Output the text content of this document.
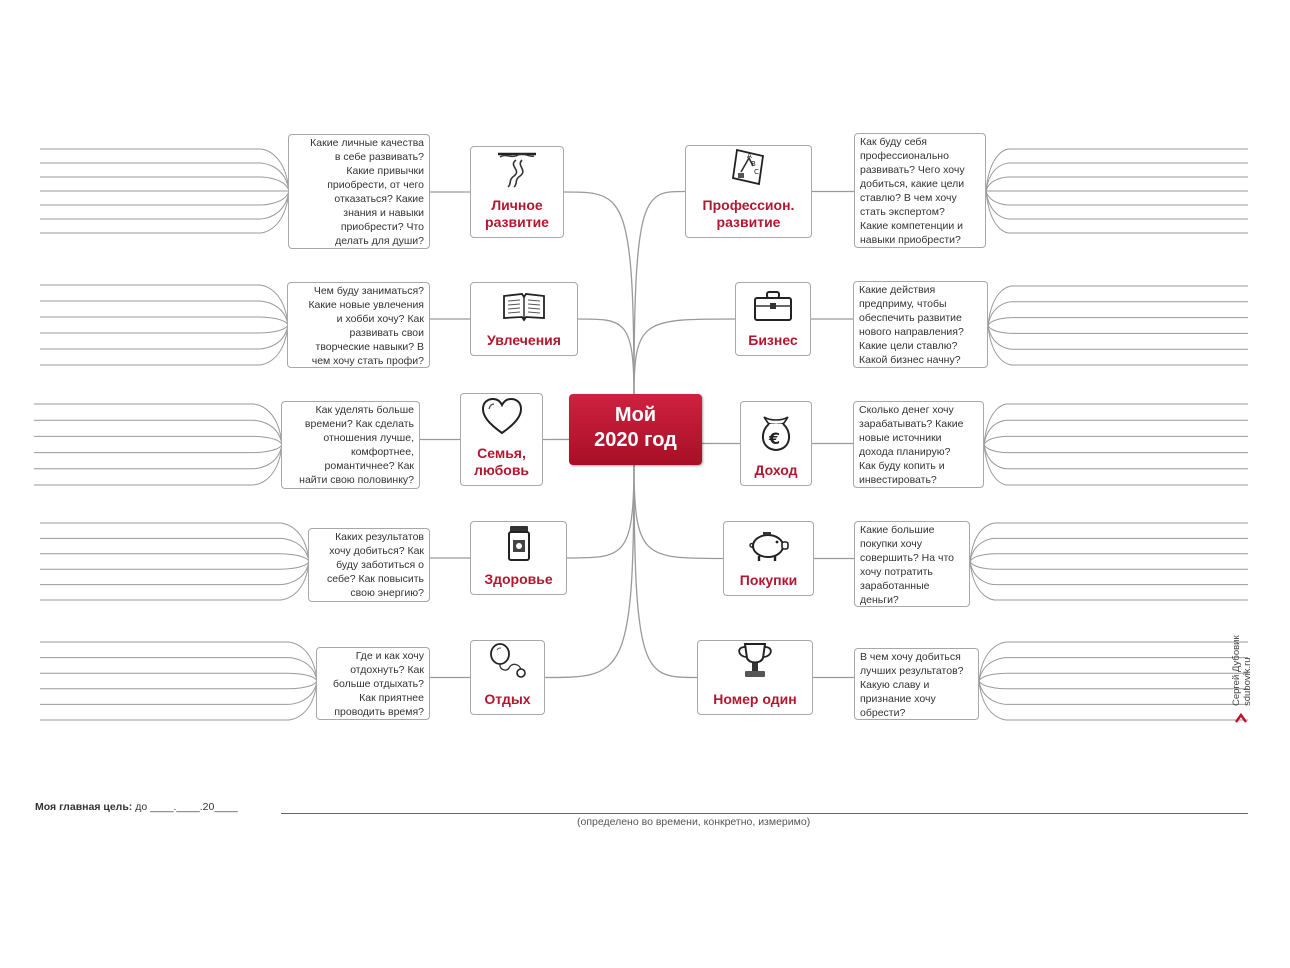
Мой
2020 год
Моя главная цель: до ____.____.20____
(определено во времени, конкретно, измеримо)
Сергей Дубовик sdubovik.ru
Личное
развитие
Какие личные качества
в себе развивать?
Какие привычки
приобрести, от чего
отказаться? Какие
знания и навыки
приобрести? Что
делать для души?
Увлечения
Чем буду заниматься?
Какие новые увлечения
и хобби хочу? Как
развивать свои
творческие навыки? В
чем хочу стать профи?
Семья,
любовь
Как уделять больше
времени? Как сделать
отношения лучше,
комфортнее,
романтичнее? Как
найти свою половинку?
Здоровье
Каких результатов
хочу добиться? Как
буду заботиться о
себе? Как повысить
свою энергию?
Отдых
Где и как хочу
отдохнуть? Как
больше отдыхать?
Как приятнее
проводить время?
A
B
C
Профессион.
развитие
Как буду себя
профессионально
развивать? Чего хочу
добиться, какие цели
ставлю? В чем хочу
стать экспертом?
Какие компетенции и
навыки приобрести?
Бизнес
Какие действия
предприму, чтобы
обеспечить развитие
нового направления?
Какие цели ставлю?
Какой бизнес начну?
€
Доход
Сколько денег хочу
зарабатывать? Какие
новые источники
дохода планирую?
Как буду копить и
инвестировать?
Покупки
Какие большие
покупки хочу
совершить? На что
хочу потратить
заработанные
деньги?
Номер один
В чем хочу добиться
лучших результатов?
Какую славу и
признание хочу
обрести?
